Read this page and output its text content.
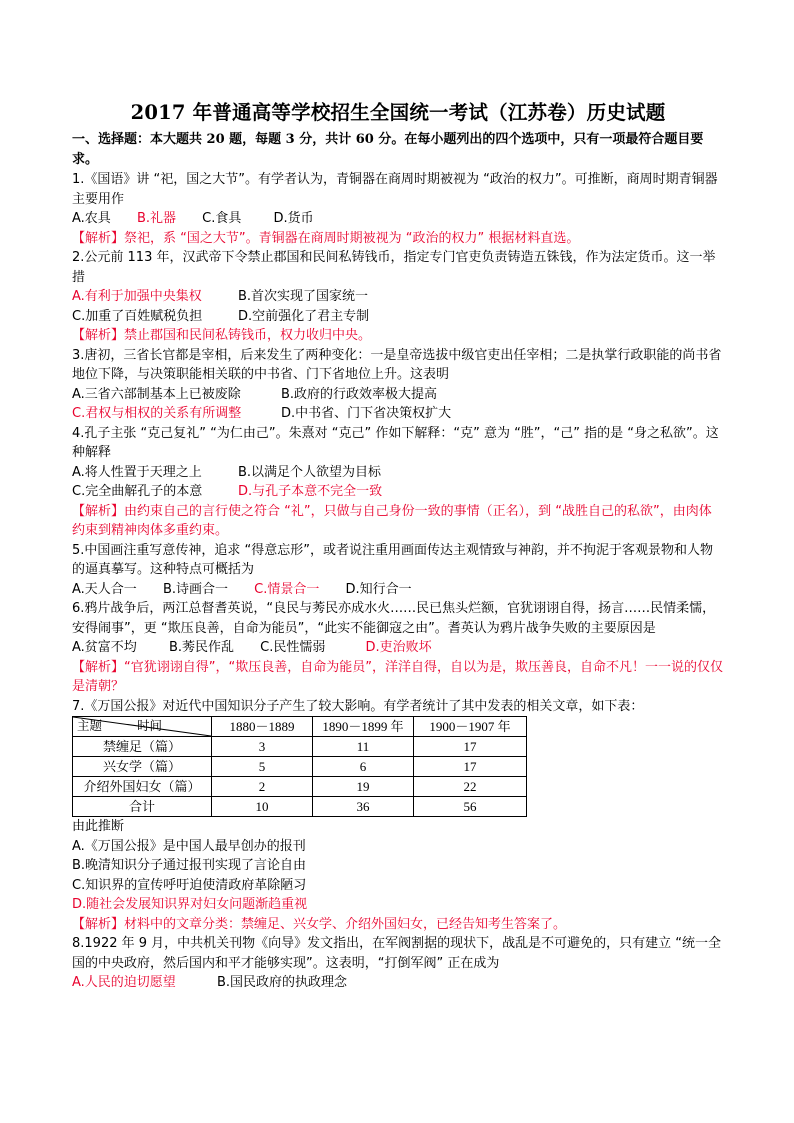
2017 年普通高等学校招生全国统一考试（江苏卷）历史试题
一、选择题：本大题共 20 题，每题 3 分，共计 60 分。在每小题列出的四个选项中，只有一项最符合题目要求。

1.《国语》讲 “祀，国之大节”。有学者认为，青铜器在商周时期被视为 “政治的权力”。可推断，商周时期青铜器主要用作

A.农具 B.礼器 C.食具 D.货币

【解析】祭祀，系 “国之大节”。青铜器在商周时期被视为 “政治的权力” 根据材料直选。

2.公元前 113 年，汉武帝下令禁止郡国和民间私铸钱币，指定专门官吏负责铸造五铢钱，作为法定货币。这一举措

A.有利于加强中央集权	B.首次实现了国家统一
C.加重了百姓赋税负担	D.空前强化了君主专制

【解析】禁止郡国和民间私铸钱币，权力收归中央。

3.唐初，三省长官都是宰相，后来发生了两种变化：一是皇帝选拔中级官吏出任宰相；二是执掌行政职能的尚书省地位下降，与决策职能相关联的中书省、门下省地位上升。这表明

A.三省六部制基本上已被废除	B.政府的行政效率极大提高
C.君权与相权的关系有所调整	D.中书省、门下省决策权扩大

4.孔子主张 “克己复礼” “为仁由己”。朱熹对 “克己” 作如下解释：“克” 意为 “胜”，“己” 指的是 “身之私欲”。这种解释

A.将人性置于天理之上	B.以满足个人欲望为目标
C.完全曲解孔子的本意	D.与孔子本意不完全一致

【解析】由约束自己的言行使之符合 “礼”，只做与自己身份一致的事情（正名），到 “战胜自己的私欲”，由肉体约束到精神肉体多重约束。

5.中国画注重写意传神，追求 “得意忘形”，或者说注重用画面传达主观情致与神韵，并不拘泥于客观景物和人物的逼真摹写。这种特点可概括为

A.天人合一 B.诗画合一 C.情景合一 D.知行合一

6.鸦片战争后，两江总督耆英说，“良民与莠民亦成水火……民已焦头烂额，官犹诩诩自得，扬言……民情柔懦，安得闹事”，更 “欺压良善，自命为能员”，“此实不能御寇之由”。耆英认为鸦片战争失败的主要原因是

A.贫富不均 B.莠民作乱 C.民性懦弱	D.吏治败坏

【解析】“官犹诩诩自得”，“欺压良善，自命为能员”，洋洋自得，自以为是，欺压善良，自命不凡！一一说的仅仅是清朝？

7.《万国公报》对近代中国知识分子产生了较大影响。有学者统计了其中发表的相关文章，如下表：

主题 时间	1880－1889	1890－1899 年	1900－1907 年
禁缠足（篇）	3	11	17
兴女学（篇）	5	6	17
介绍外国妇女（篇）	2	19	22
合计	10	36	56

由此推断

A.《万国公报》是中国人最早创办的报刊

B.晚清知识分子通过报刊实现了言论自由

C.知识界的宣传呼吁迫使清政府革除陋习

D.随社会发展知识界对妇女问题渐趋重视

【解析】材料中的文章分类：禁缠足、兴女学、介绍外国妇女，已经告知考生答案了。

8.1922 年 9 月，中共机关刊物《向导》发文指出，在军阀割据的现状下，战乱是不可避免的，只有建立 “统一全国的中央政府，然后国内和平才能够实现”。这表明，“打倒军阀” 正在成为

A.人民的迫切愿望	B.国民政府的执政理念
